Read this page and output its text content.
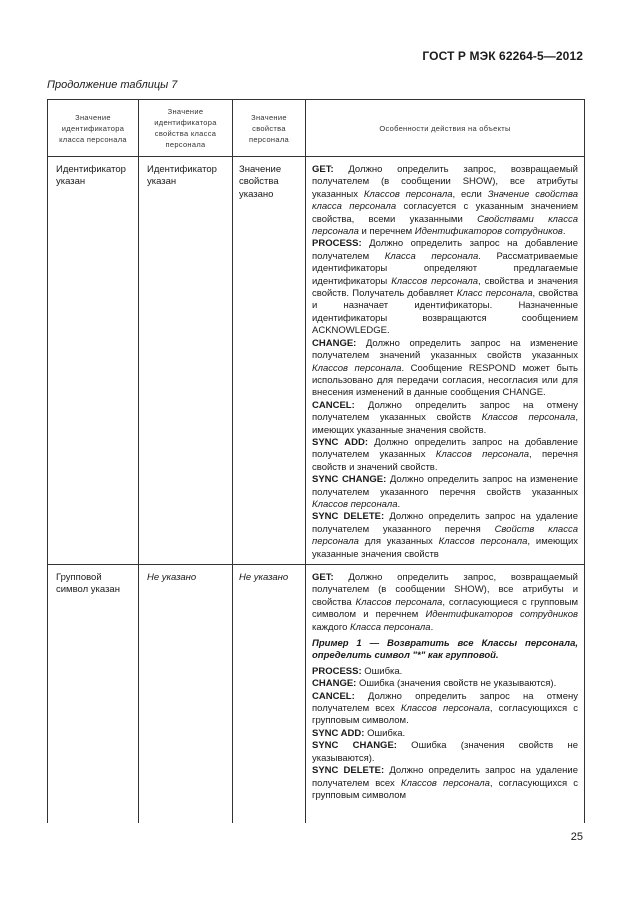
ГОСТ Р МЭК 62264-5—2012
Продолжение таблицы 7
Значение идентификатора класса персонала
Значение идентификатора свойства класса персонала
Значение свойства персонала
Особенности действия на объекты
Идентификатор указан
Идентификатор указан
Значение свойства указано

GET: Должно определить запрос, возвращаемый получателем (в сообщении SHOW), все атрибуты указанных Классов персонала, если Значение свойства класса персонала согласуется с указанным значением свойства, всеми указанными Свойствами класса персонала и перечнем Идентификаторов сотрудников.

PROCESS: Должно определить запрос на добавление получателем Класса персонала. Рассматриваемые идентификаторы определяют предлагаемые идентификаторы Классов персонала, свойства и значения свойств. Получатель добавляет Класс персонала, свойства и назначает идентификаторы. Назначенные идентификаторы возвращаются сообщением ACKNOWLEDGE.

CHANGE: Должно определить запрос на изменение получателем значений указанных свойств указанных Классов персонала. Сообщение RESPOND может быть использовано для передачи согласия, несогласия или для внесения изменений в данные сообщения CHANGE.

CANCEL: Должно определить запрос на отмену получателем указанных свойств Классов персонала, имеющих указанные значения свойств.

SYNC ADD: Должно определить запрос на добавление получателем указанных Классов персонала, перечня свойств и значений свойств.

SYNC CHANGE: Должно определить запрос на изменение получателем указанного перечня свойств указанных Классов персонала.

SYNC DELETE: Должно определить запрос на удаление получателем указанного перечня Свойств класса персонала для указанных Классов персонала, имеющих указанные значения свойств

Групповой символ указан
Не указано	Не указано	GET: Должно определить запрос, возвращаемый получателем (в сообщении SHOW), все атрибуты и свойства Классов персонала, согласующиеся с групповым символом и перечнем Идентификаторов сотрудников каждого Класса персонала.

Пример 1 — Возвратить все Классы персонала, определить символ "*" как групповой.

PROCESS: Ошибка.

CHANGE: Ошибка (значения свойств не указываются).

CANCEL: Должно определить запрос на отмену получателем всех Классов персонала, согласующихся с групповым символом.

SYNC ADD: Ошибка.

SYNC CHANGE: Ошибка (значения свойств не указываются).

SYNC DELETE: Должно определить запрос на удаление получателем всех Классов персонала, согласующихся с групповым символом

25
